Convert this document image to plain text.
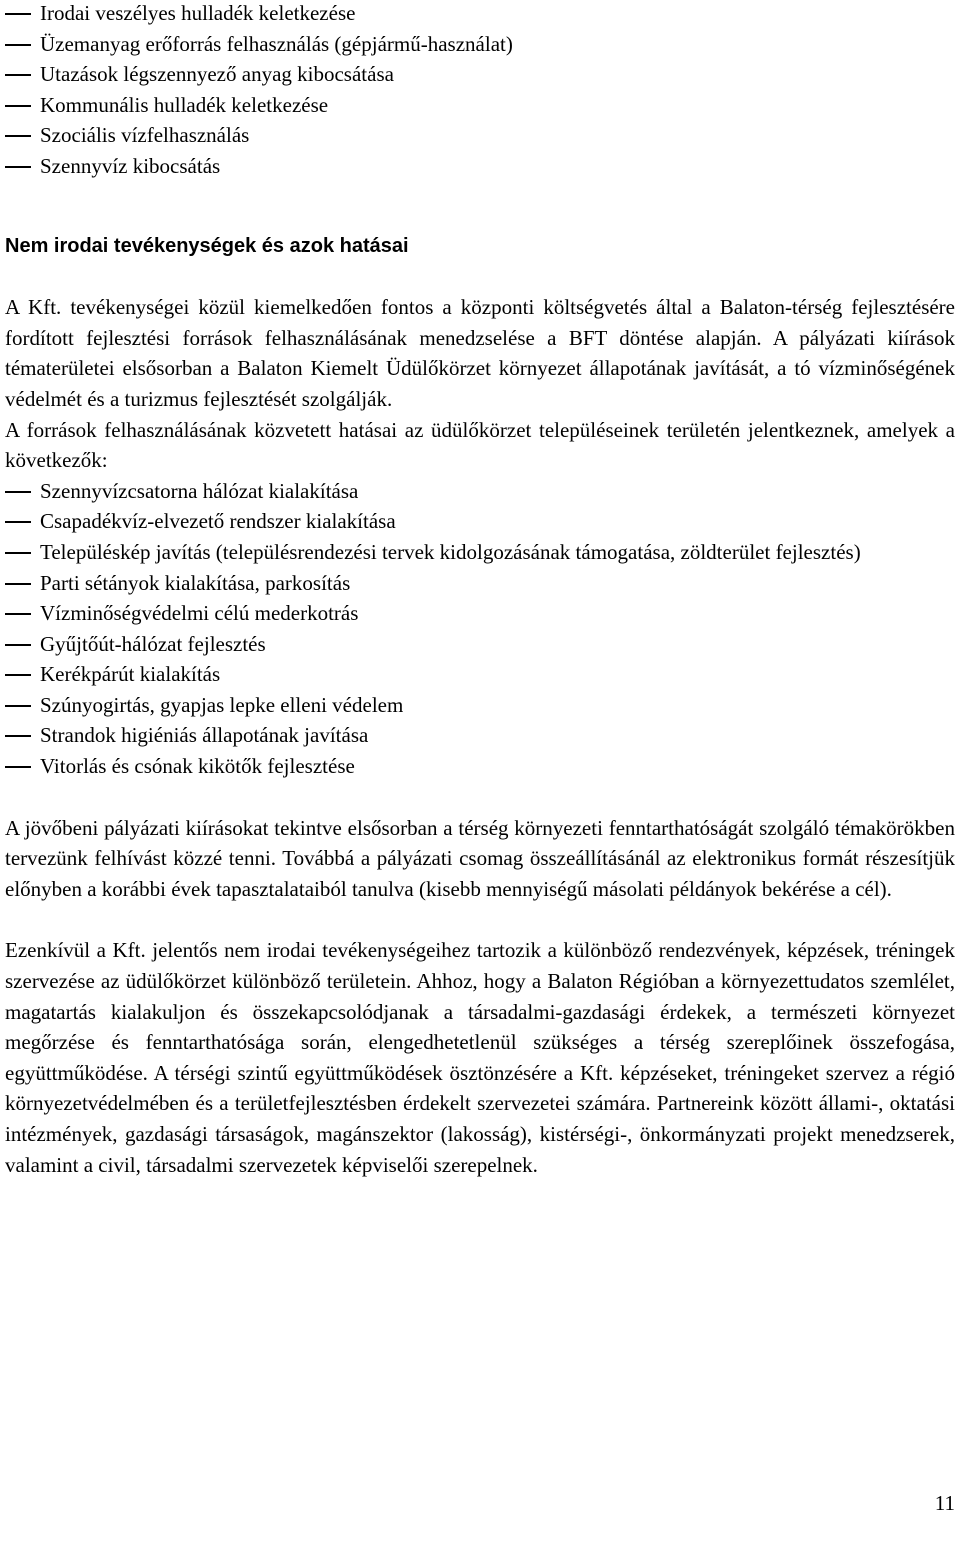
Irodai veszélyes hulladék keletkezése
Üzemanyag erőforrás felhasználás (gépjármű-használat)
Utazások légszennyező anyag kibocsátása
Kommunális hulladék keletkezése
Szociális vízfelhasználás
Szennyvíz kibocsátás
Nem irodai tevékenységek és azok hatásai

A Kft. tevékenységei közül kiemelkedően fontos a központi költségvetés által a Balaton-térség fejlesztésére fordított fejlesztési források felhasználásának menedzselése a BFT döntése alapján. A pályázati kiírások tématerületei elsősorban a Balaton Kiemelt Üdülőkörzet környezet állapotának javítását, a tó vízminőségének védelmét és a turizmus fejlesztését szolgálják.

A források felhasználásának közvetett hatásai az üdülőkörzet településeinek területén jelentkeznek, amelyek a következők:

Szennyvízcsatorna hálózat kialakítása
Csapadékvíz-elvezető rendszer kialakítása
Településkép javítás (településrendezési tervek kidolgozásának támogatása, zöldterület fejlesztés)
Parti sétányok kialakítása, parkosítás
Vízminőségvédelmi célú mederkotrás
Gyűjtőút-hálózat fejlesztés
Kerékpárút kialakítás
Szúnyogirtás, gyapjas lepke elleni védelem
Strandok higiéniás állapotának javítása
Vitorlás és csónak kikötők fejlesztése

A jövőbeni pályázati kiírásokat tekintve elsősorban a térség környezeti fenntarthatóságát szolgáló témakörökben tervezünk felhívást közzé tenni. Továbbá a pályázati csomag összeállításánál az elektronikus formát részesítjük előnyben a korábbi évek tapasztalataiból tanulva (kisebb mennyiségű másolati példányok bekérése a cél).

Ezenkívül a Kft. jelentős nem irodai tevékenységeihez tartozik a különböző rendezvények, képzések, tréningek szervezése az üdülőkörzet különböző területein. Ahhoz, hogy a Balaton Régióban a környezettudatos szemlélet, magatartás kialakuljon és összekapcsolódjanak a társadalmi-gazdasági érdekek, a természeti környezet megőrzése és fenntarthatósága során, elengedhetetlenül szükséges a térség szereplőinek összefogása, együttműködése. A térségi szintű együttműködések ösztönzésére a Kft. képzéseket, tréningeket szervez a régió környezetvédelmében és a területfejlesztésben érdekelt szervezetei számára. Partnereink között állami-, oktatási intézmények, gazdasági társaságok, magánszektor (lakosság), kistérségi-, önkormányzati projekt menedzserek, valamint a civil, társadalmi szervezetek képviselői szerepelnek.

11
